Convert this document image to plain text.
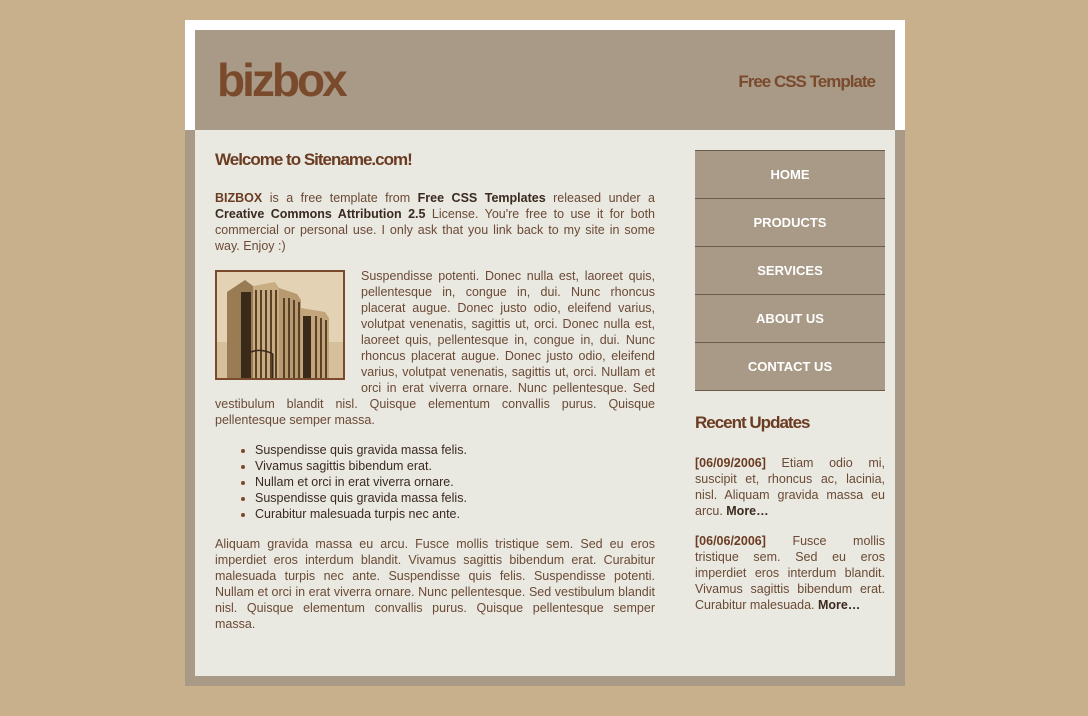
bizbox	Free CSS Template
Welcome to Sitename.com!

BIZBOX is a free template from Free CSS Templates released under a Creative Commons Attribution 2.5 License. You're free to use it for both commercial or personal use. I only ask that you link back to my site in some way. Enjoy :)

Suspendisse potenti. Donec nulla est, laoreet quis, pellentesque in, congue in, dui. Nunc rhoncus placerat augue. Donec justo odio, eleifend varius, volutpat venenatis, sagittis ut, orci. Donec nulla est, laoreet quis, pellentesque in, congue in, dui. Nunc rhoncus placerat augue. Donec justo odio, eleifend varius, volutpat venenatis, sagittis ut, orci. Nullam et orci in erat viverra ornare. Nunc pellentesque. Sed vestibulum blandit nisl. Quisque elementum convallis purus. Quisque pellentesque semper massa.

• Suspendisse quis gravida massa felis.
• Vivamus sagittis bibendum erat.
• Nullam et orci in erat viverra ornare.
• Suspendisse quis gravida massa felis.
• Curabitur malesuada turpis nec ante.

Aliquam gravida massa eu arcu. Fusce mollis tristique sem. Sed eu eros imperdiet eros interdum blandit. Vivamus sagittis bibendum erat. Curabitur malesuada turpis nec ante. Suspendisse quis felis. Suspendisse potenti. Nullam et orci in erat viverra ornare. Nunc pellentesque. Sed vestibulum blandit nisl. Quisque elementum convallis purus. Quisque pellentesque semper massa.

HOME
PRODUCTS
SERVICES
ABOUT US
CONTACT US
Recent Updates
[06/09/2006] Etiam odio mi, suscipit et, rhoncus ac, lacinia, nisl. Aliquam gravida massa eu arcu. More…
[06/06/2006] Fusce mollis tristique sem. Sed eu eros imperdiet eros interdum blandit. Vivamus sagittis bibendum erat. Curabitur malesuada. More…
